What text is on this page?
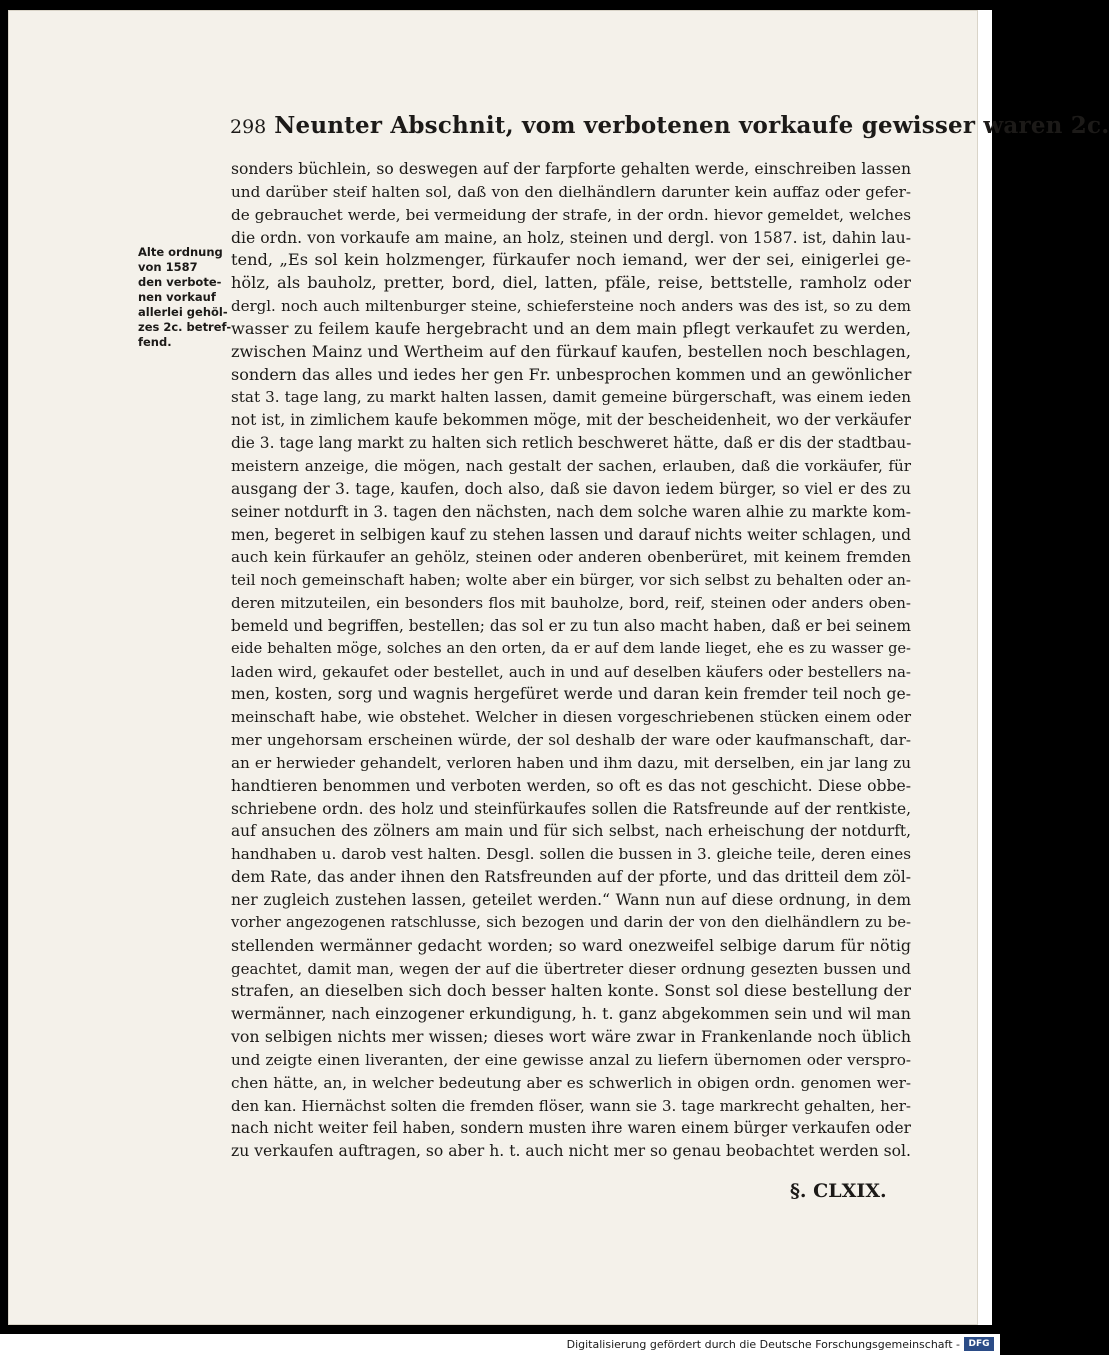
298 Neunter Abschnit, vom verbotenen vorkaufe gewisser waren 2c.
Alte ordnung
von 1587
den verbote-
nen vorkauf
allerlei gehöl-
zes 2c. betref-
fend.
sonders büchlein, so deswegen auf der farpforte gehalten werde, einschreiben lassen
und darüber steif halten sol, daß von den dielhändlern darunter kein auffaz oder gefer-
de gebrauchet werde, bei vermeidung der strafe, in der ordn. hievor gemeldet, welches
die ordn. von vorkaufe am maine, an holz, steinen und dergl. von 1587. ist, dahin lau-
tend, „Es sol kein holzmenger, fürkaufer noch iemand, wer der sei, einigerlei ge-
hölz, als bauholz, pretter, bord, diel, latten, pfäle, reise, bettstelle, ramholz oder
dergl. noch auch miltenburger steine, schiefersteine noch anders was des ist, so zu dem
wasser zu feilem kaufe hergebracht und an dem main pflegt verkaufet zu werden,
zwischen Mainz und Wertheim auf den fürkauf kaufen, bestellen noch beschlagen,
sondern das alles und iedes her gen Fr. unbesprochen kommen und an gewönlicher
stat 3. tage lang, zu markt halten lassen, damit gemeine bürgerschaft, was einem ieden
not ist, in zimlichem kaufe bekommen möge, mit der bescheidenheit, wo der verkäufer
die 3. tage lang markt zu halten sich retlich beschweret hätte, daß er dis der stadtbau-
meistern anzeige, die mögen, nach gestalt der sachen, erlauben, daß die vorkäufer, für
ausgang der 3. tage, kaufen, doch also, daß sie davon iedem bürger, so viel er des zu
seiner notdurft in 3. tagen den nächsten, nach dem solche waren alhie zu markte kom-
men, begeret in selbigen kauf zu stehen lassen und darauf nichts weiter schlagen, und
auch kein fürkaufer an gehölz, steinen oder anderen obenberüret, mit keinem fremden
teil noch gemeinschaft haben; wolte aber ein bürger, vor sich selbst zu behalten oder an-
deren mitzuteilen, ein besonders flos mit bauholze, bord, reif, steinen oder anders oben-
bemeld und begriffen, bestellen; das sol er zu tun also macht haben, daß er bei seinem
eide behalten möge, solches an den orten, da er auf dem lande lieget, ehe es zu wasser ge-
laden wird, gekaufet oder bestellet, auch in und auf deselben käufers oder bestellers na-
men, kosten, sorg und wagnis hergefüret werde und daran kein fremder teil noch ge-
meinschaft habe, wie obstehet. Welcher in diesen vorgeschriebenen stücken einem oder
mer ungehorsam erscheinen würde, der sol deshalb der ware oder kaufmanschaft, dar-
an er herwieder gehandelt, verloren haben und ihm dazu, mit derselben, ein jar lang zu
handtieren benommen und verboten werden, so oft es das not geschicht. Diese obbe-
schriebene ordn. des holz und steinfürkaufes sollen die Ratsfreunde auf der rentkiste,
auf ansuchen des zölners am main und für sich selbst, nach erheischung der notdurft,
handhaben u. darob vest halten. Desgl. sollen die bussen in 3. gleiche teile, deren eines
dem Rate, das ander ihnen den Ratsfreunden auf der pforte, und das dritteil dem zöl-
ner zugleich zustehen lassen, geteilet werden.“ Wann nun auf diese ordnung, in dem
vorher angezogenen ratschlusse, sich bezogen und darin der von den dielhändlern zu be-
stellenden wermänner gedacht worden; so ward onezweifel selbige darum für nötig
geachtet, damit man, wegen der auf die übertreter dieser ordnung gesezten bussen und
strafen, an dieselben sich doch besser halten konte. Sonst sol diese bestellung der
wermänner, nach einzogener erkundigung, h. t. ganz abgekommen sein und wil man
von selbigen nichts mer wissen; dieses wort wäre zwar in Frankenlande noch üblich
und zeigte einen liveranten, der eine gewisse anzal zu liefern übernomen oder verspro-
chen hätte, an, in welcher bedeutung aber es schwerlich in obigen ordn. genomen wer-
den kan. Hiernächst solten die fremden flöser, wann sie 3. tage markrecht gehalten, her-
nach nicht weiter feil haben, sondern musten ihre waren einem bürger verkaufen oder
zu verkaufen auftragen, so aber h. t. auch nicht mer so genau beobachtet werden sol.
§. CLXIX.
Digitalisierung gefördert durch die Deutsche Forschungsgemeinschaft - DFG
